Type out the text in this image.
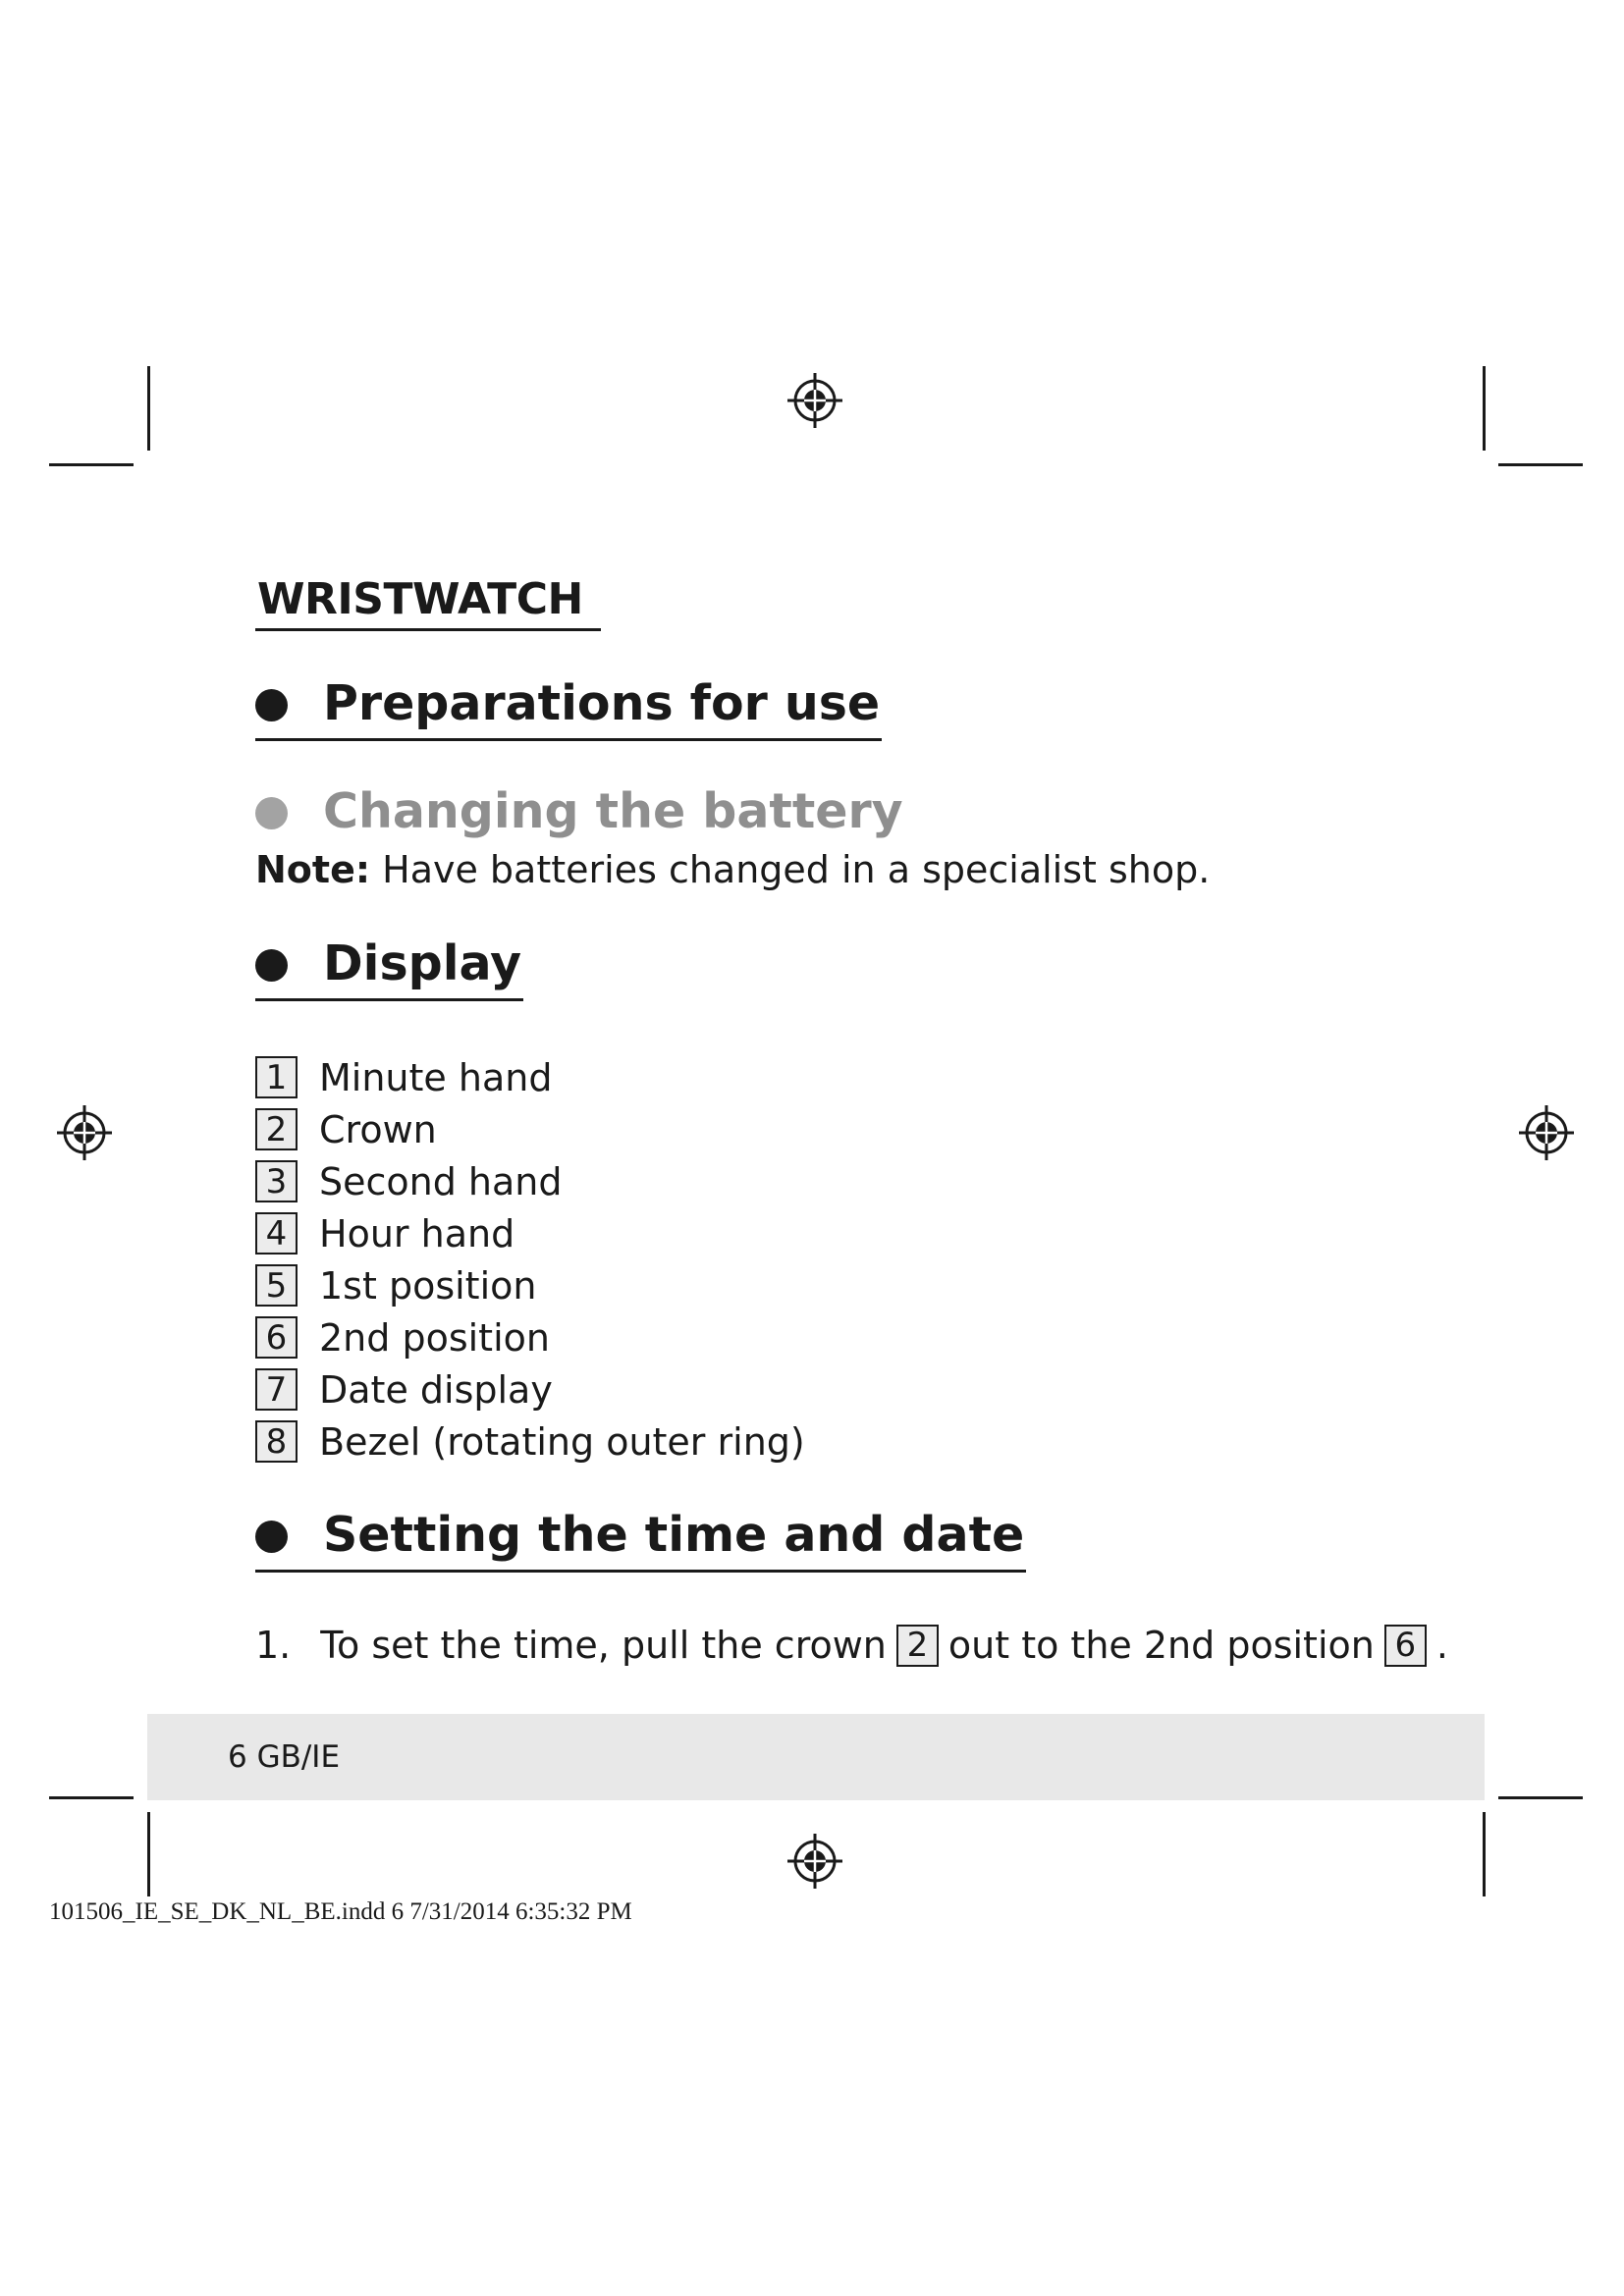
WRISTWATCH
Preparations for use
Changing the battery

Note: Have batteries changed in a specialist shop.

Display
1 Minute hand
2 Crown
3 Second hand
4 Hour hand
5 1st position
6 2nd position
7 Date display
8 Bezel (rotating outer ring)
Setting the time and date

1. To set the time, pull the crown 2 out to the 2nd position 6 .

6 GB/IE
101506_IE_SE_DK_NL_BE.indd 6 7/31/2014 6:35:32 PM
